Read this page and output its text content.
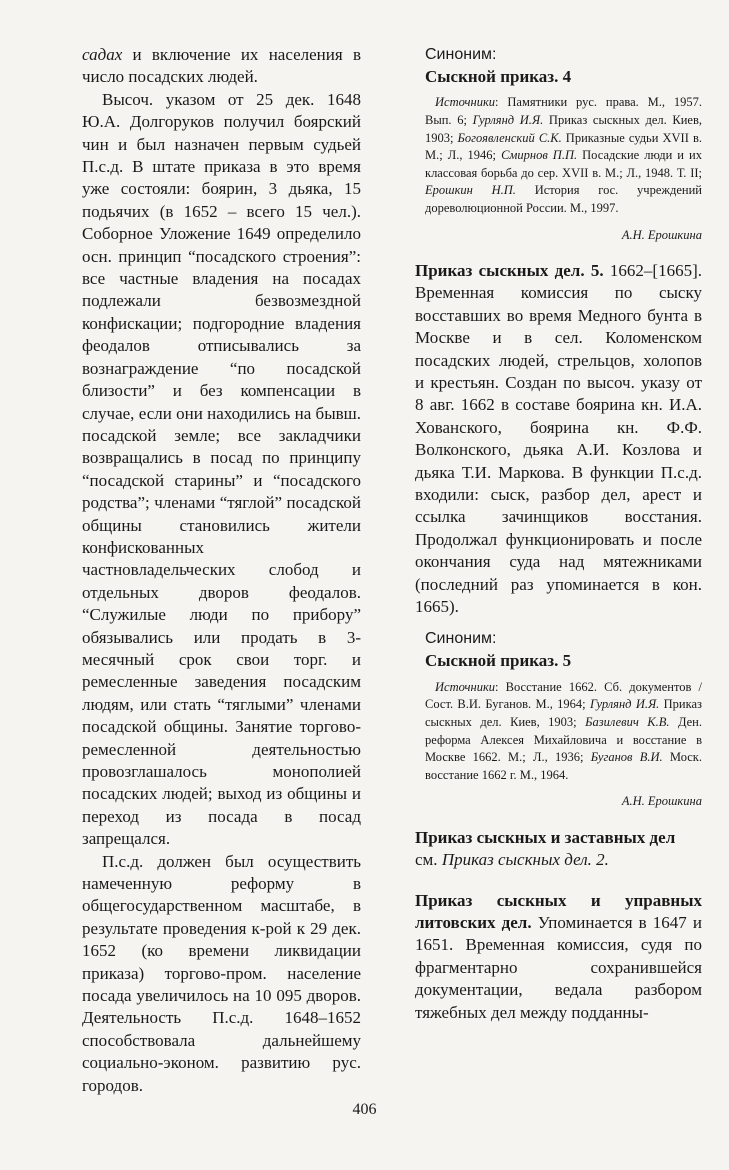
садах и включение их населения в число посадских людей.

Высоч. указом от 25 дек. 1648 Ю.А. Долгоруков получил боярский чин и был назначен первым судьей П.с.д. В штате приказа в это время уже состояли: боярин, 3 дьяка, 15 подьячих (в 1652 – всего 15 чел.). Соборное Уложение 1649 определило осн. принцип “посадского строения”: все частные владения на посадах подлежали безвозмездной конфискации; подгородние владения феодалов отписывались за вознаграждение “по посадской близости” и без компенсации в случае, если они находились на бывш. посадской земле; все закладчики возвращались в посад по принципу “посадской старины” и “посадского родства”; членами “тяглой” посадской общины становились жители конфискованных частновладельческих слобод и отдельных дворов феодалов. “Служилые люди по прибору” обязывались или продать в 3-месячный срок свои торг. и ремесленные заведения посадским людям, или стать “тяглыми” членами посадской общины. Занятие торгово-ремесленной деятельностью провозглашалось монополией посадских людей; выход из общины и переход из посада в посад запрещался.

П.с.д. должен был осуществить намеченную реформу в общегосударственном масштабе, в результате проведения к-рой к 29 дек. 1652 (ко времени ликвидации приказа) торгово-пром. население посада увеличилось на 10 095 дворов. Деятельность П.с.д. 1648–1652 способствовала дальнейшему социально-эконом. развитию рус. городов.

Синоним:
Сыскной приказ. 4

Источники: Памятники рус. права. М., 1957. Вып. 6; Гурлянд И.Я. Приказ сыскных дел. Киев, 1903; Богоявленский С.К. Приказные судьи XVII в. М.; Л., 1946; Смирнов П.П. Посадские люди и их классовая борьба до сер. XVII в. М.; Л., 1948. Т. II; Ерошкин Н.П. История гос. учреждений дореволюционной России. М., 1997.

А.Н. Ерошкина

Приказ сыскных дел. 5. 1662–[1665]. Временная комиссия по сыску восставших во время Медного бунта в Москве и в сел. Коломенском посадских людей, стрельцов, холопов и крестьян. Создан по высоч. указу от 8 авг. 1662 в составе боярина кн. И.А. Хованского, боярина кн. Ф.Ф. Волконского, дьяка А.И. Козлова и дьяка Т.И. Маркова. В функции П.с.д. входили: сыск, разбор дел, арест и ссылка зачинщиков восстания. Продолжал функционировать и после окончания суда над мятежниками (последний раз упоминается в кон. 1665).

Синоним:
Сыскной приказ. 5

Источники: Восстание 1662. Сб. документов / Сост. В.И. Буганов. М., 1964; Гурлянд И.Я. Приказ сыскных дел. Киев, 1903; Базилевич К.В. Ден. реформа Алексея Михайловича и восстание в Москве 1662. М.; Л., 1936; Буганов В.И. Моск. восстание 1662 г. М., 1964.

А.Н. Ерошкина

Приказ сыскных и заставных дел
см. Приказ сыскных дел. 2.

Приказ сыскных и управных литовских дел. Упоминается в 1647 и 1651. Временная комиссия, судя по фрагментарно сохранившейся документации, ведала разбором тяжебных дел между подданны-

406
